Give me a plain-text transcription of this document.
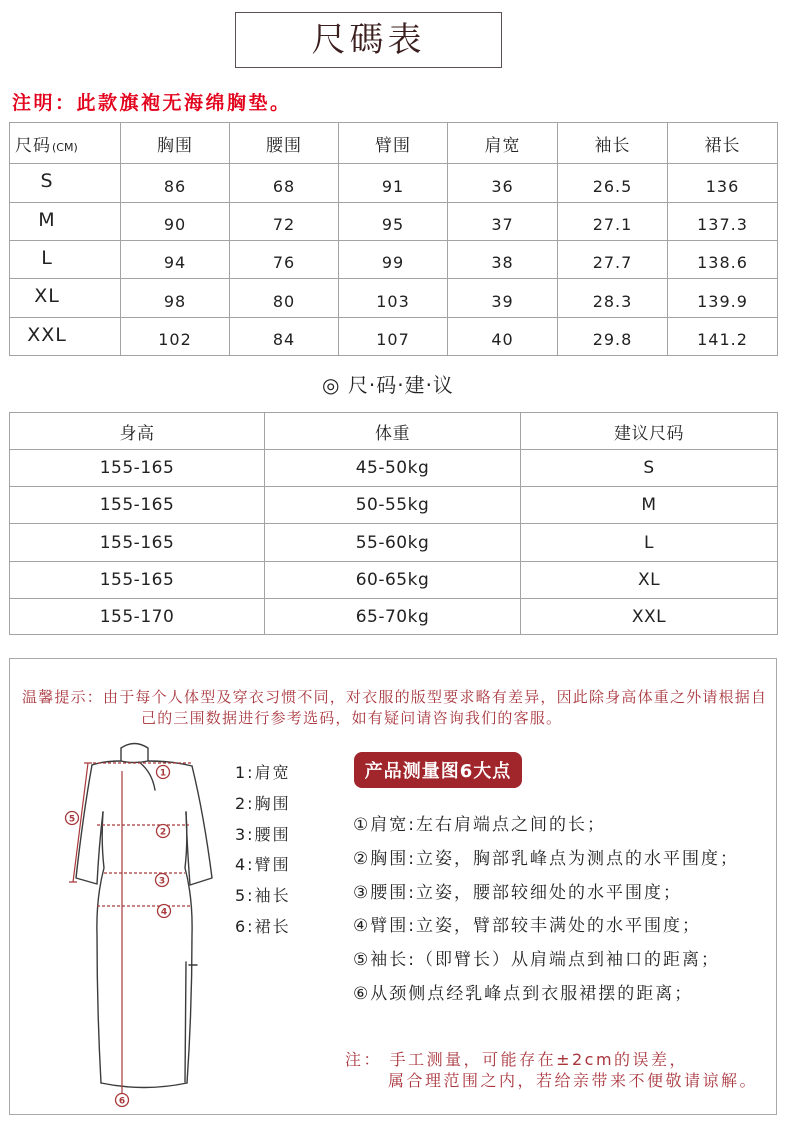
尺碼表
注明：此款旗袍无海绵胸垫。
尺码(CM)	胸围	腰围	臂围	肩宽	袖长	裙长
S	86	68	91	36	26.5	136
M	90	72	95	37	27.1	137.3
L	94	76	99	38	27.7	138.6
XL	98	80	103	39	28.3	139.9
XXL	102	84	107	40	29.8	141.2
◎ 尺·码·建·议
身高	体重	建议尺码
155-165	45-50kg	S
155-165	50-55kg	M
155-165	55-60kg	L
155-165	60-65kg	XL
155-170	65-70kg	XXL
温馨提示：由于每个人体型及穿衣习惯不同，对衣服的版型要求略有差异，因此除身高体重之外请根据自
己的三围数据进行参考选码，如有疑问请咨询我们的客服。
1
2
3
4
5
6
1:肩宽
2:胸围
3:腰围
4:臂围
5:袖长
6:裙长
产品测量图6大点
①肩宽:左右肩端点之间的长；
②胸围:立姿，胸部乳峰点为测点的水平围度；
③腰围:立姿，腰部较细处的水平围度；
④臂围:立姿，臂部较丰满处的水平围度；
⑤袖长:（即臂长）从肩端点到袖口的距离；
⑥从颈侧点经乳峰点到衣服裙摆的距离；
注： 手工测量，可能存在±2cm的误差，
属合理范围之内，若给亲带来不便敬请谅解。
